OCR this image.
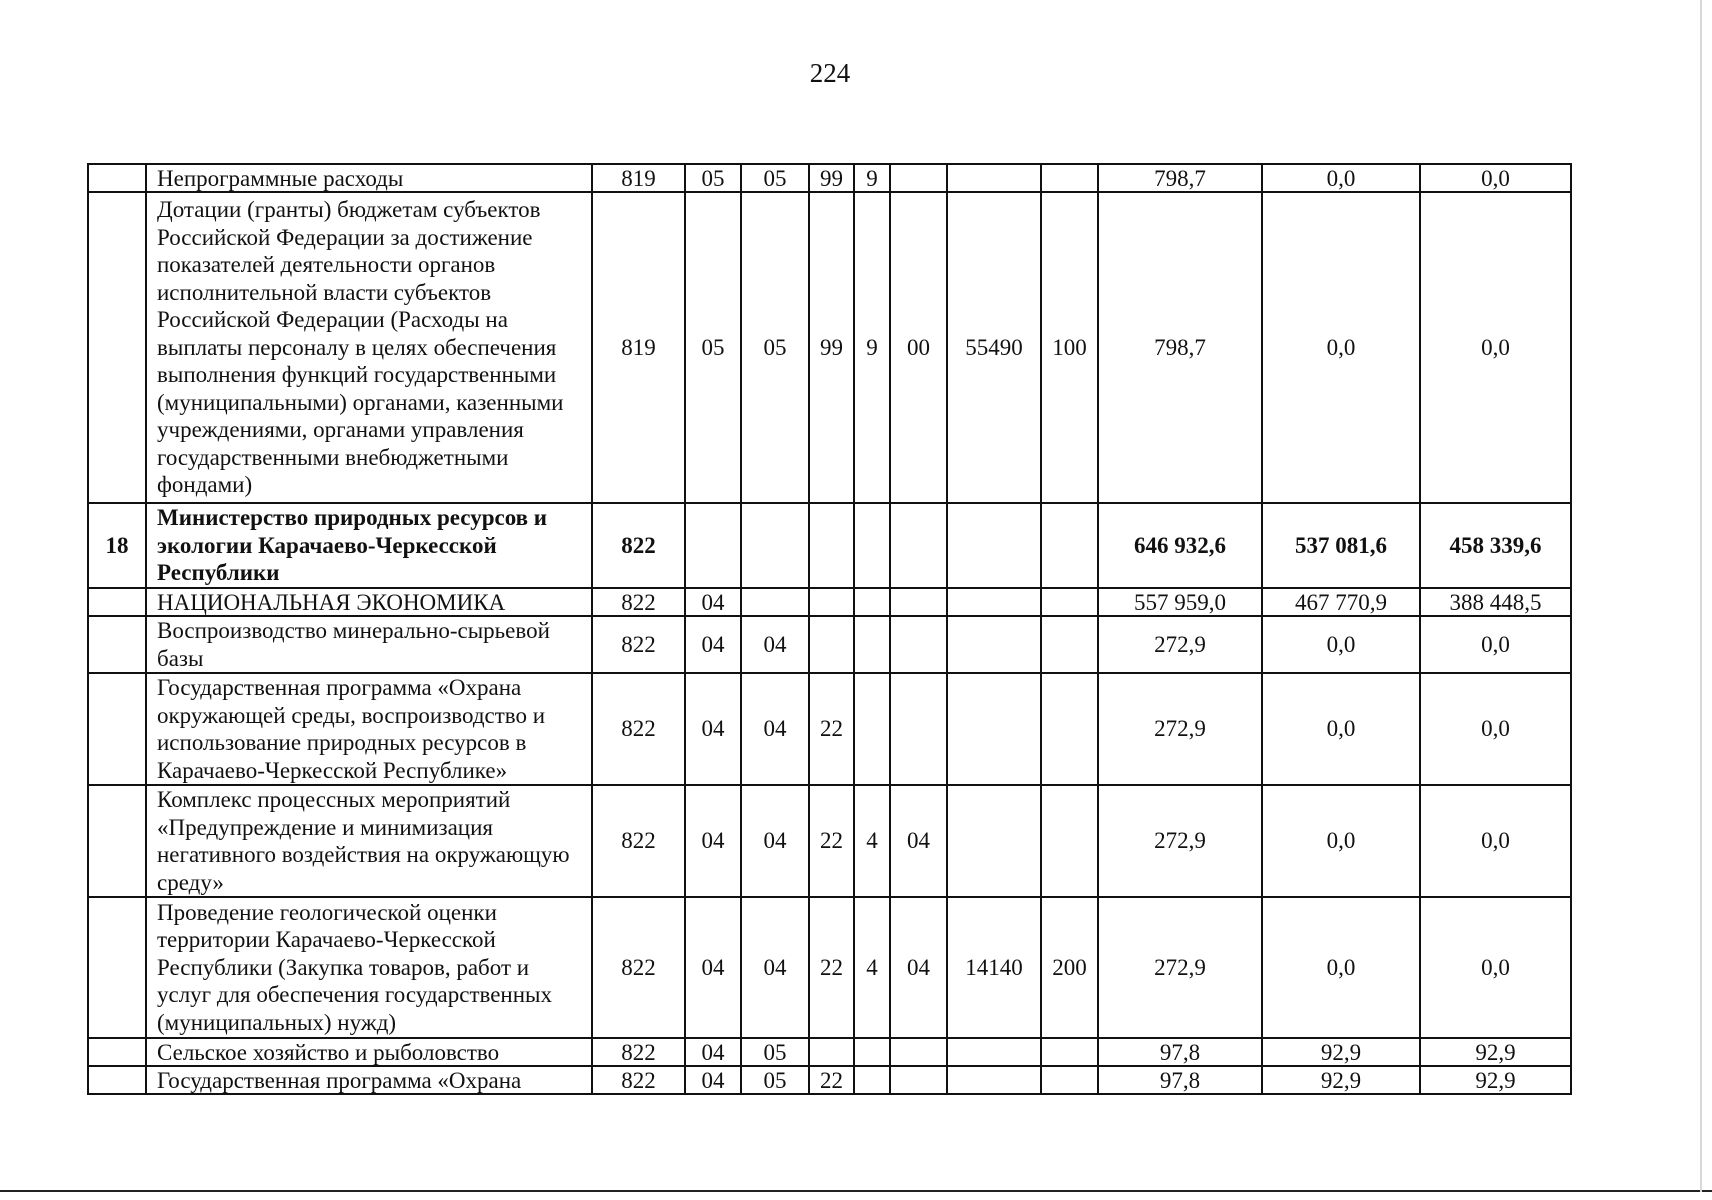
224
	Непрограммные расходы	819	05	05	99	9				798,7	0,0	0,0
	Дотации (гранты) бюджетам субъектов Российской Федерации за достижение показателей деятельности органов исполнительной власти субъектов Российской Федерации (Расходы на выплаты персоналу в целях обеспечения выполнения функций государственными (муниципальными) органами, казенными учреждениями, органами управления государственными внебюджетными фондами)	819	05	05	99	9	00	55490	100	798,7	0,0	0,0
18	Министерство природных ресурсов и экологии Карачаево-Черкесской Республики	822								646 932,6	537 081,6	458 339,6
	НАЦИОНАЛЬНАЯ ЭКОНОМИКА	822	04							557 959,0	467 770,9	388 448,5
	Воспроизводство минерально-сырьевой базы	822	04	04						272,9	0,0	0,0
	Государственная программа «Охрана окружающей среды, воспроизводство и использование природных ресурсов в Карачаево-Черкесской Республике»	822	04	04	22					272,9	0,0	0,0
	Комплекс процессных мероприятий «Предупреждение и минимизация негативного воздействия на окружающую среду»	822	04	04	22	4	04			272,9	0,0	0,0
	Проведение геологической оценки территории Карачаево-Черкесской Республики (Закупка товаров, работ и услуг для обеспечения государственных (муниципальных) нужд)	822	04	04	22	4	04	14140	200	272,9	0,0	0,0
	Сельское хозяйство и рыболовство	822	04	05						97,8	92,9	92,9
	Государственная программа «Охрана	822	04	05	22					97,8	92,9	92,9
